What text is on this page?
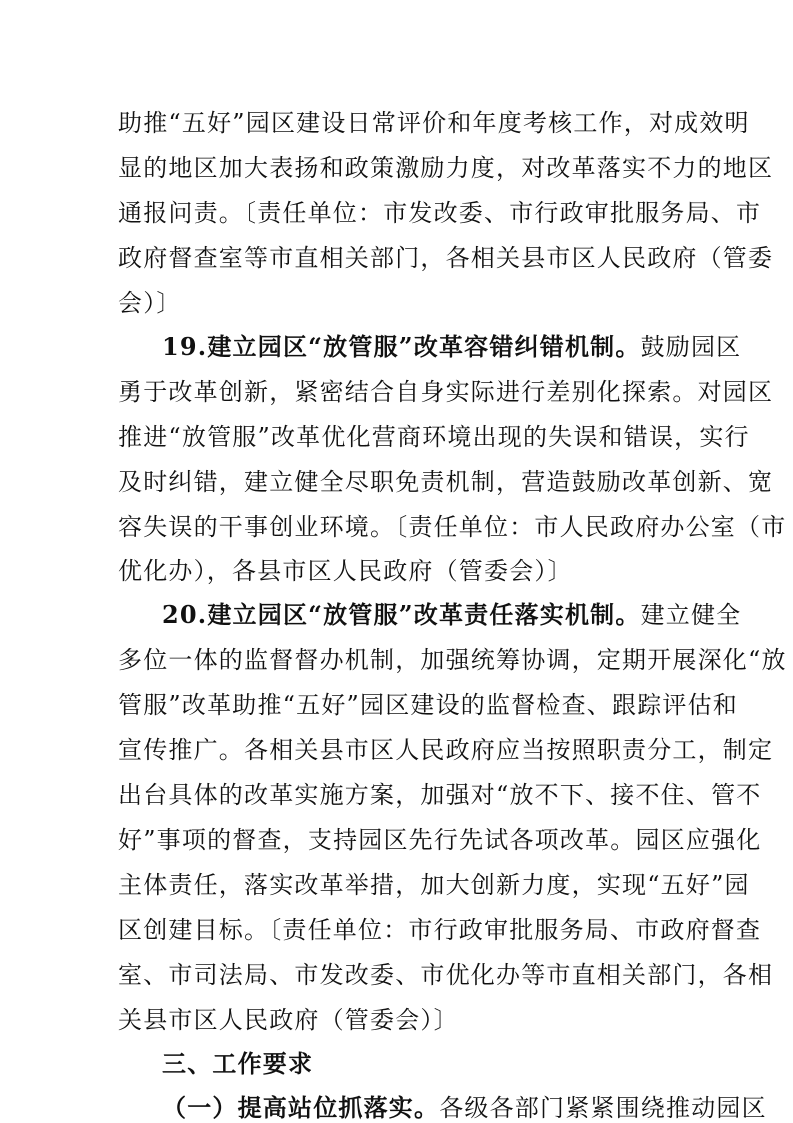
助推“五好”园区建设日常评价和年度考核工作，对成效明
显的地区加大表扬和政策激励力度，对改革落实不力的地区
通报问责。〔责任单位：市发改委、市行政审批服务局、市
政府督查室等市直相关部门，各相关县市区人民政府（管委
会）〕
19.建立园区“放管服”改革容错纠错机制。鼓励园区
勇于改革创新，紧密结合自身实际进行差别化探索。对园区
推进“放管服”改革优化营商环境出现的失误和错误，实行
及时纠错，建立健全尽职免责机制，营造鼓励改革创新、宽
容失误的干事创业环境。〔责任单位：市人民政府办公室（市
优化办），各县市区人民政府（管委会）〕
20.建立园区“放管服”改革责任落实机制。建立健全
多位一体的监督督办机制，加强统筹协调，定期开展深化“放
管服”改革助推“五好”园区建设的监督检查、跟踪评估和
宣传推广。各相关县市区人民政府应当按照职责分工，制定
出台具体的改革实施方案，加强对“放不下、接不住、管不
好”事项的督查，支持园区先行先试各项改革。园区应强化
主体责任，落实改革举措，加大创新力度，实现“五好”园
区创建目标。〔责任单位：市行政审批服务局、市政府督查
室、市司法局、市发改委、市优化办等市直相关部门，各相
关县市区人民政府（管委会）〕
三、工作要求
（一）提高站位抓落实。各级各部门紧紧围绕推动园区
